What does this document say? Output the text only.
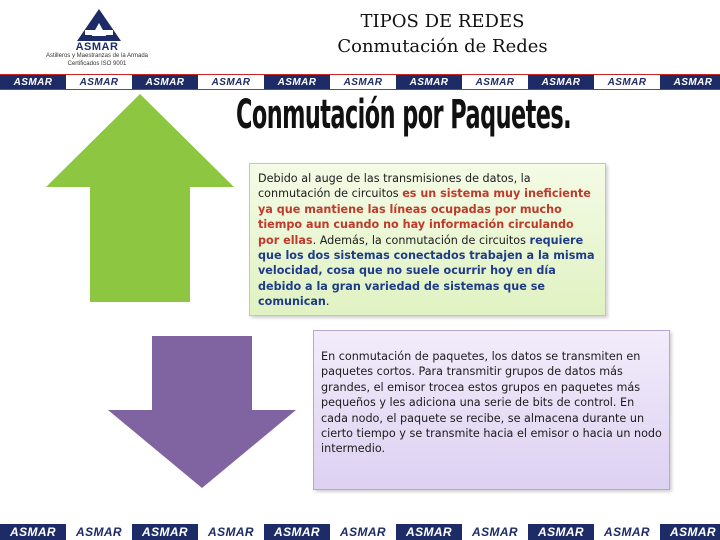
ASMAR
Astilleros y Maestranzas de la Armada
Certificados ISO 9001
TIPOS DE REDES
Conmutación de Redes
ASMAR	ASMAR	ASMAR	ASMAR	ASMAR	ASMAR	ASMAR	ASMAR	ASMAR	ASMAR	ASMAR
Conmutación por Paquetes.

Debido al auge de las transmisiones de datos, la conmutación de circuitos es un sistema muy ineficiente ya que mantiene las líneas ocupadas por mucho tiempo aun cuando no hay información circulando por ellas. Además, la conmutación de circuitos requiere que los dos sistemas conectados trabajen a la misma velocidad, cosa que no suele ocurrir hoy en día debido a la gran variedad de sistemas que se comunican.

En conmutación de paquetes, los datos se transmiten en paquetes cortos. Para transmitir grupos de datos más grandes, el emisor trocea estos grupos en paquetes más pequeños y les adiciona una serie de bits de control. En cada nodo, el paquete se recibe, se almacena durante un cierto tiempo y se transmite hacia el emisor o hacia un nodo intermedio.

ASMAR	ASMAR	ASMAR	ASMAR	ASMAR	ASMAR	ASMAR	ASMAR	ASMAR	ASMAR	ASMAR
